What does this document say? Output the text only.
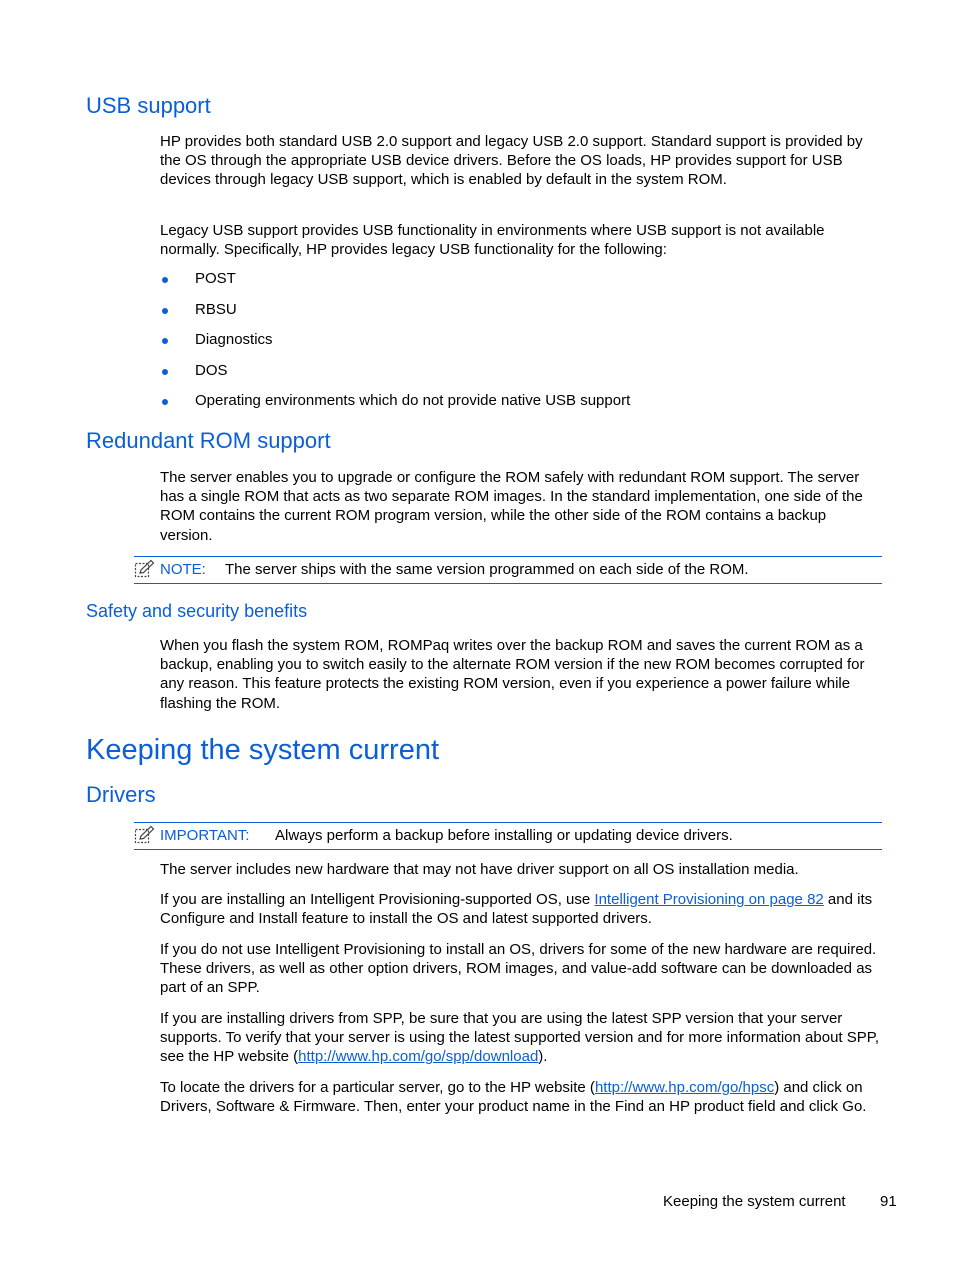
USB support

HP provides both standard USB 2.0 support and legacy USB 2.0 support. Standard support is provided by the OS through the appropriate USB device drivers. Before the OS loads, HP provides support for USB devices through legacy USB support, which is enabled by default in the system ROM.

Legacy USB support provides USB functionality in environments where USB support is not available normally. Specifically, HP provides legacy USB functionality for the following:

POST
RBSU
Diagnostics
DOS
Operating environments which do not provide native USB support
Redundant ROM support

The server enables you to upgrade or configure the ROM safely with redundant ROM support. The server has a single ROM that acts as two separate ROM images. In the standard implementation, one side of the ROM contains the current ROM program version, while the other side of the ROM contains a backup version.

NOTE: The server ships with the same version programmed on each side of the ROM.
Safety and security benefits

When you flash the system ROM, ROMPaq writes over the backup ROM and saves the current ROM as a backup, enabling you to switch easily to the alternate ROM version if the new ROM becomes corrupted for any reason. This feature protects the existing ROM version, even if you experience a power failure while flashing the ROM.

Keeping the system current
Drivers
IMPORTANT: Always perform a backup before installing or updating device drivers.

The server includes new hardware that may not have driver support on all OS installation media.

If you are installing an Intelligent Provisioning-supported OS, use Intelligent Provisioning on page 82 and its Configure and Install feature to install the OS and latest supported drivers.

If you do not use Intelligent Provisioning to install an OS, drivers for some of the new hardware are required. These drivers, as well as other option drivers, ROM images, and value-add software can be downloaded as part of an SPP.

If you are installing drivers from SPP, be sure that you are using the latest SPP version that your server supports. To verify that your server is using the latest supported version and for more information about SPP, see the HP website (http://www.hp.com/go/spp/download).

To locate the drivers for a particular server, go to the HP website (http://www.hp.com/go/hpsc) and click on Drivers, Software & Firmware. Then, enter your product name in the Find an HP product field and click Go.

Keeping the system current 91
